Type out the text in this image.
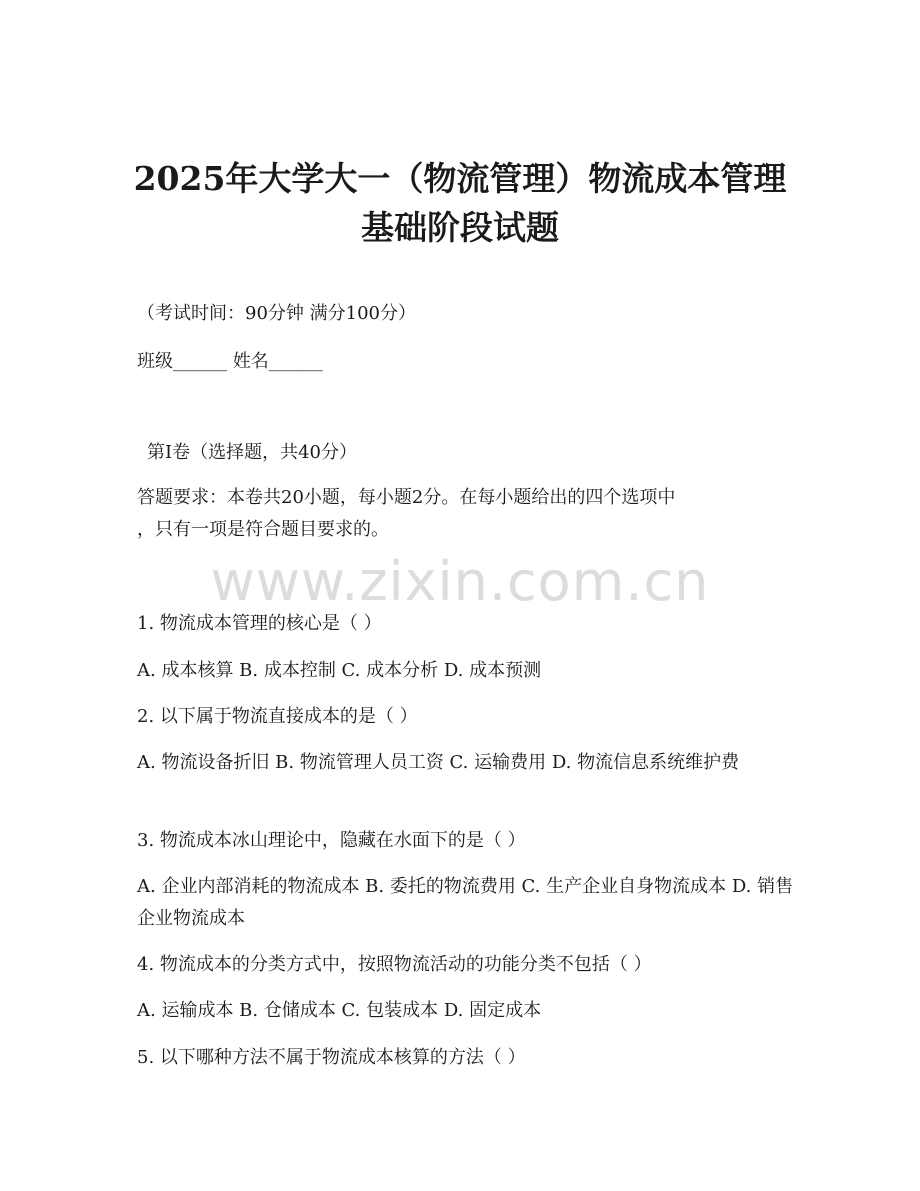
2025年大学大一（物流管理）物流成本管理
基础阶段试题
（考试时间：90分钟 满分100分）
班级______ 姓名______
第I卷（选择题，共40分）
答题要求：本卷共20小题，每小题2分。在每小题给出的四个选项中
，只有一项是符合题目要求的。
www.zixin.com.cn
1. 物流成本管理的核心是（ ）
A. 成本核算 B. 成本控制 C. 成本分析 D. 成本预测
2. 以下属于物流直接成本的是（ ）
A. 物流设备折旧 B. 物流管理人员工资 C. 运输费用 D. 物流信息系统维护费
3. 物流成本冰山理论中，隐藏在水面下的是（ ）
A. 企业内部消耗的物流成本 B. 委托的物流费用 C. 生产企业自身物流成本 D. 销售企业物流成本
4. 物流成本的分类方式中，按照物流活动的功能分类不包括（ ）
A. 运输成本 B. 仓储成本 C. 包装成本 D. 固定成本
5. 以下哪种方法不属于物流成本核算的方法（ ）
